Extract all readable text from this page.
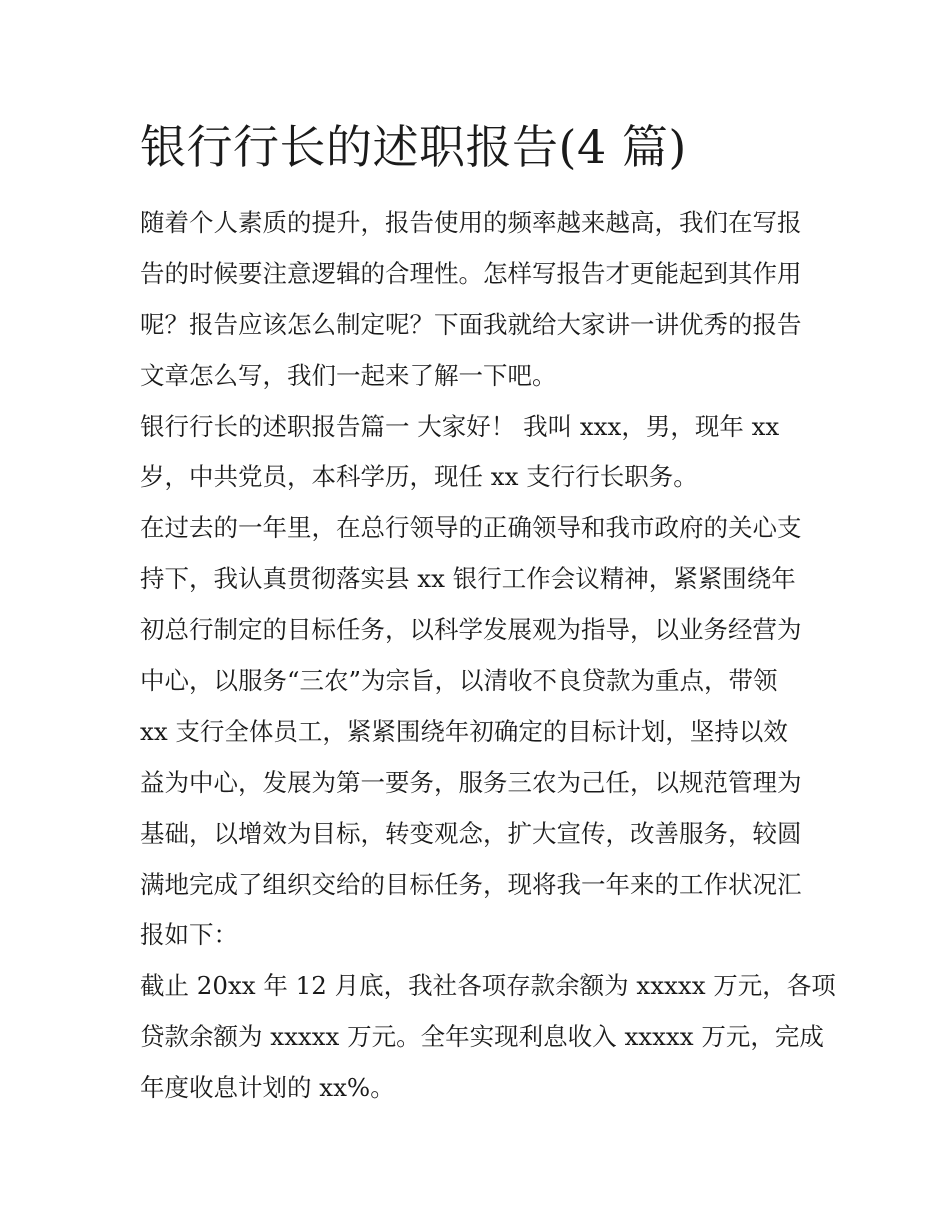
银行行长的述职报告(4 篇)

随着个人素质的提升，报告使用的频率越来越高，我们在写报

告的时候要注意逻辑的合理性。怎样写报告才更能起到其作用

呢？报告应该怎么制定呢？下面我就给大家讲一讲优秀的报告

文章怎么写，我们一起来了解一下吧。

银行行长的述职报告篇一 大家好！ 我叫 xxx，男，现年 xx

岁，中共党员，本科学历，现任 xx 支行行长职务。

在过去的一年里，在总行领导的正确领导和我市政府的关心支

持下，我认真贯彻落实县 xx 银行工作会议精神，紧紧围绕年

初总行制定的目标任务，以科学发展观为指导，以业务经营为

中心，以服务“三农”为宗旨，以清收不良贷款为重点，带领

xx 支行全体员工，紧紧围绕年初确定的目标计划，坚持以效

益为中心，发展为第一要务，服务三农为己任，以规范管理为

基础，以增效为目标，转变观念，扩大宣传，改善服务，较圆

满地完成了组织交给的目标任务，现将我一年来的工作状况汇

报如下：

截止 20xx 年 12 月底，我社各项存款余额为 xxxxx 万元，各项

贷款余额为 xxxxx 万元。全年实现利息收入 xxxxx 万元，完成

年度收息计划的 xx%。
